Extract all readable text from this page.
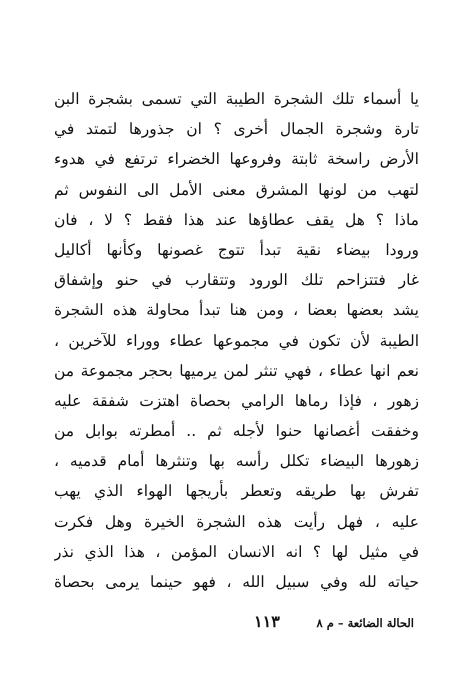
يا أسماء تلك الشجرة الطيبة التي تسمى بشجرة البن
تارة وشجرة الجمال أخرى ؟ ان جذورها لتمتد في
الأرض راسخة ثابتة وفروعها الخضراء ترتفع في هدوء
لتهب من لونها المشرق معنى الأمل الى النفوس ثم
ماذا ؟ هل يقف عطاؤها عند هذا فقط ؟ لا ، فان
ورودا بيضاء نقية تبدأ تتوج غصونها وكأنها أكاليل
غار فتتزاحم تلك الورود وتتقارب في حنو وإشفاق
يشد بعضها بعضا ، ومن هنا تبدأ محاولة هذه الشجرة
الطيبة لأن تكون في مجموعها عطاء ووراء للآخرين ،
نعم انها عطاء ، فهي تنثر لمن يرميها بحجر مجموعة من
زهور ، فإذا رماها الرامي بحصاة اهتزت شفقة عليه
وخفقت أغصانها حنوا لأجله ثم .. أمطرته بوابل من
زهورها البيضاء تكلل رأسه بها وتنثرها أمام قدميه ،
تفرش بها طريقه وتعطر بأريجها الهواء الذي يهب
عليه ، فهل رأيت هذه الشجرة الخيرة وهل فكرت
في مثيل لها ؟ انه الانسان المؤمن ، هذا الذي نذر
حياته لله وفي سبيل الله ، فهو حينما يرمى بحصاة
١١٣	الحالة الضائعة – م ٨
